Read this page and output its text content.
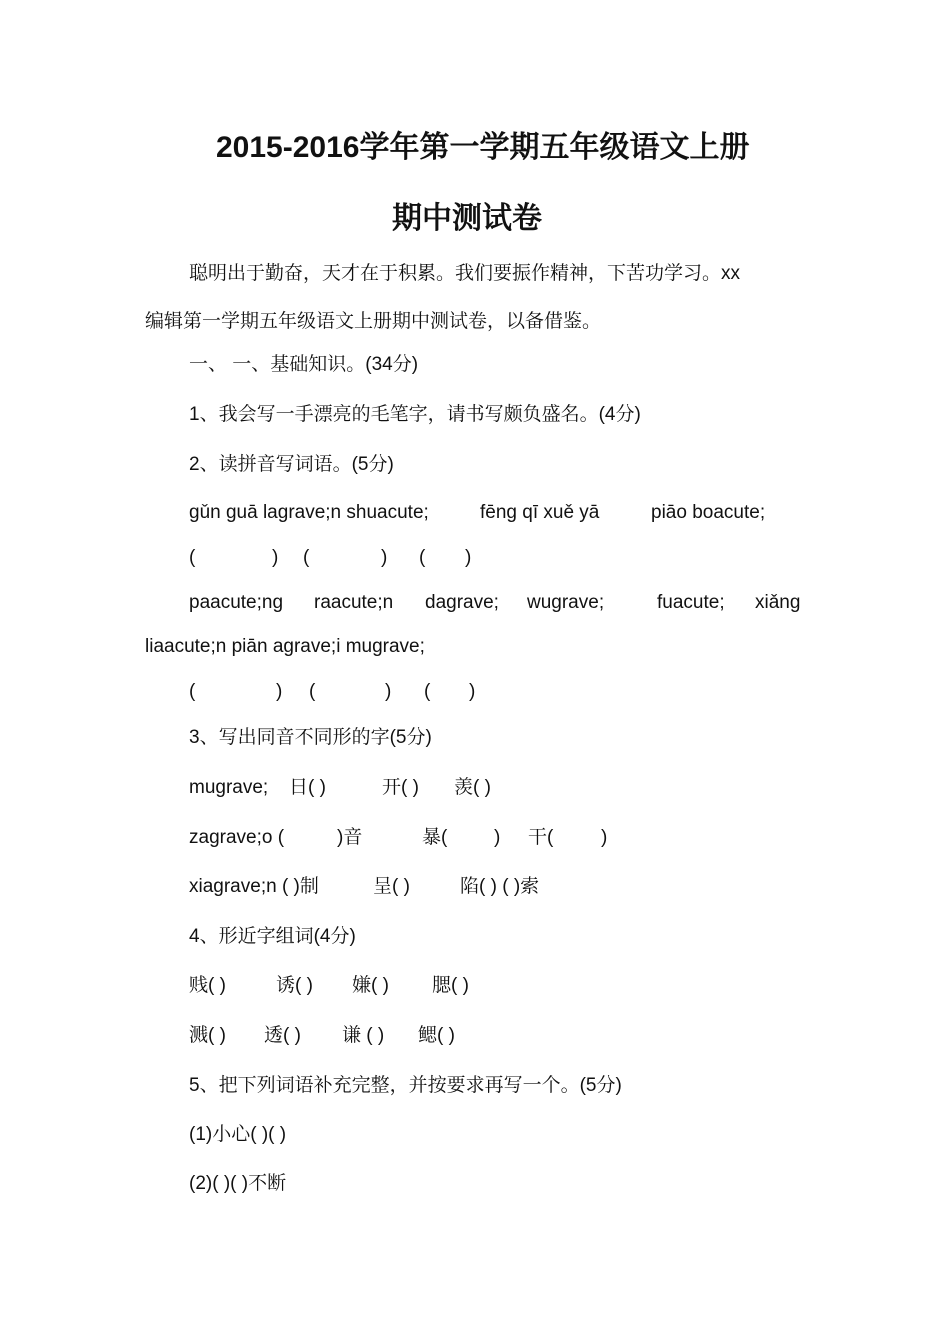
2015-2016学年第一学期五年级语文上册
期中测试卷
聪明出于勤奋，天才在于积累。我们要振作精神，下苦功学习。xx
编辑第一学期五年级语文上册期中测试卷，以备借鉴。
一、 一、基础知识。(34分)
1、我会写一手漂亮的毛笔字，请书写颇负盛名。(4分)
2、读拼音写词语。(5分)
gǔn guā lagrave;n shuacute;	fēng qī xuě yā	piāo boacute;
(	) (	) ( )
paacute;ng raacute;n dagrave; wugrave;	fuacute; xiǎng
liaacute;n piān agrave;i mugrave;
(	) (	) ( )
3、写出同音不同形的字(5分)
mugrave; 日( )	开( ) 羡( )
zagrave;o (	)音	暴( ) 干(	)
xiagrave;n ( )制	呈( )	陷( ) ( )索
4、形近字组词(4分)
贱( )	诱( ) 嫌( ) 腮( )
溅( ) 透( ) 谦 ( ) 鳃( )
5、把下列词语补充完整，并按要求再写一个。(5分)
(1)小心( )( )
(2)( )( )不断
